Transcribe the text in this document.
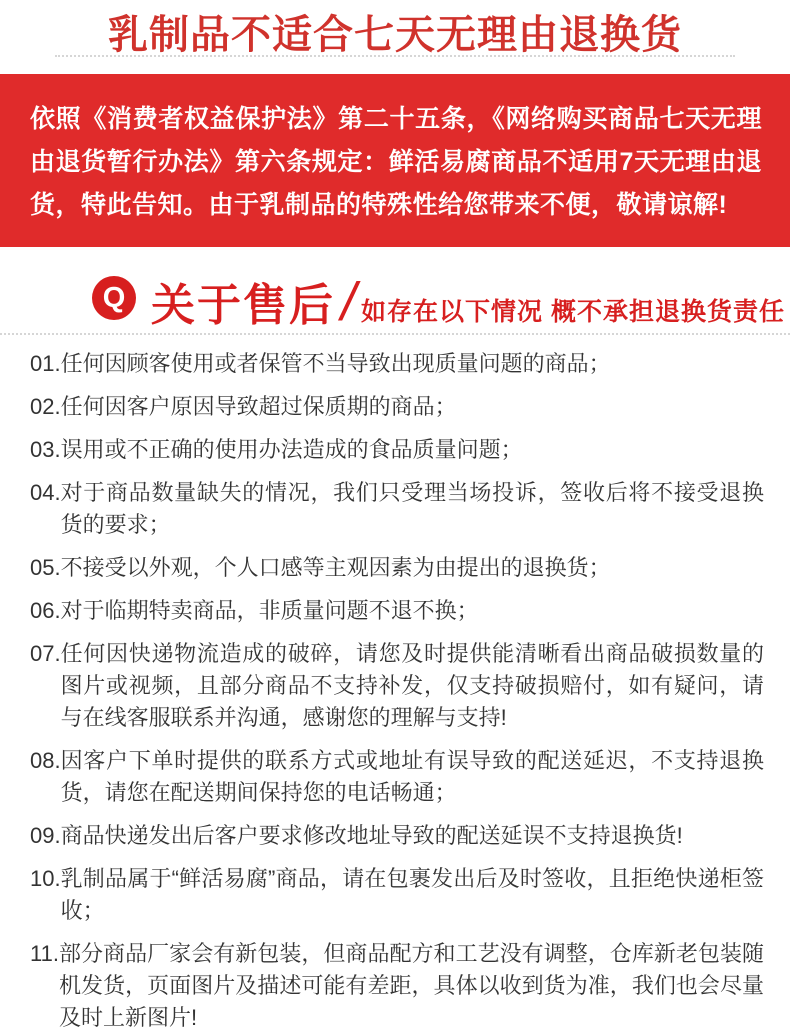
乳制品不适合七天无理由退换货

依照《消费者权益保护法》第二十五条，《网络购买商品七天无理由退货暂行办法》第六条规定：鲜活易腐商品不适用7天无理由退货，特此告知。由于乳制品的特殊性给您带来不便，敬请谅解!

Q 关于售后 / 如存在以下情况 概不承担退换货责任
01. 任何因顾客使用或者保管不当导致出现质量问题的商品；
02. 任何因客户原因导致超过保质期的商品；
03. 误用或不正确的使用办法造成的食品质量问题；
04. 对于商品数量缺失的情况，我们只受理当场投诉，签收后将不接受退换货的要求；
05. 不接受以外观，个人口感等主观因素为由提出的退换货；
06. 对于临期特卖商品，非质量问题不退不换；
07. 任何因快递物流造成的破碎，请您及时提供能清晰看出商品破损数量的图片或视频，且部分商品不支持补发，仅支持破损赔付，如有疑问，请与在线客服联系并沟通，感谢您的理解与支持!
08. 因客户下单时提供的联系方式或地址有误导致的配送延迟，不支持退换货，请您在配送期间保持您的电话畅通；
09. 商品快递发出后客户要求修改地址导致的配送延误不支持退换货!
10. 乳制品属于“鲜活易腐”商品，请在包裹发出后及时签收，且拒绝快递柜签收；
11. 部分商品厂家会有新包装，但商品配方和工艺没有调整，仓库新老包装随机发货，页面图片及描述可能有差距，具体以收到货为准，我们也会尽量及时上新图片!
